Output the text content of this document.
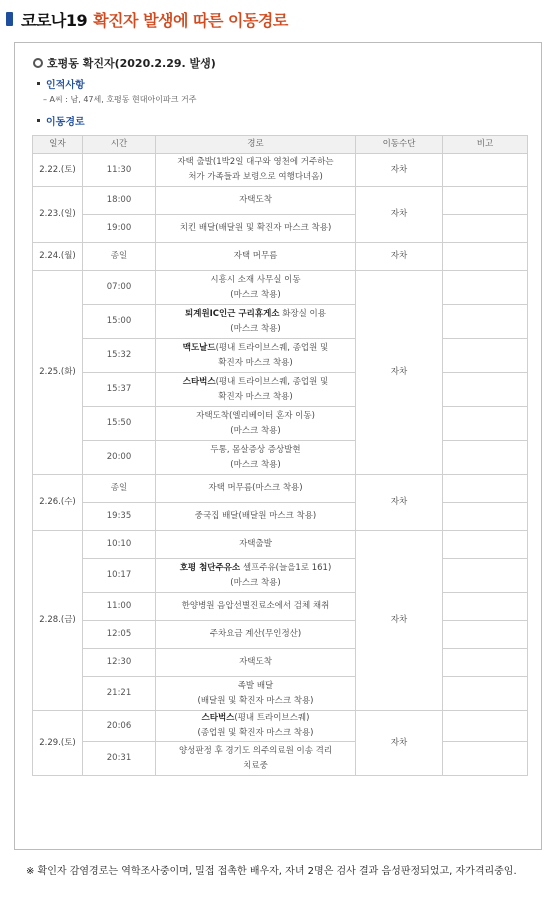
코로나19 확진자 발생에 따른 이동경로
호평동 확진자(2020.2.29. 발생)
인적사항
– A씨 : 남, 47세, 호평동 현대아이파크 거주
이동경로
일자	시간	경로	이동수단	비고
2.22.(토)	11:30	자택 출발(1박2일 대구와 영천에 거주하는
처가 가족들과 보령으로 여행다녀옴)	자차	
2.23.(일)	18:00	자택도착	자차	
	19:00	치킨 배달(배달원 및 확진자 마스크 착용)		

2.24.(월)	종일	자택 머무름	자차	
2.25.(화)	07:00	시흥시 소재 사무실 이동
(마스크 착용)	자차	
	15:00	퇴계원IC인근 구리휴게소 화장실 이용
(마스크 착용)		

	15:32	맥도날드(평내 트라이브스퀘, 종업원 및
확진자 마스크 착용)		

	15:37	스타벅스(평내 트라이브스퀘, 종업원 및
확진자 마스크 착용)		

	15:50	자택도착(엘리베이터 혼자 이동)
(마스크 착용)		

	20:00	두통, 몸살증상 증상발현
(마스크 착용)		

2.26.(수)	종일	자택 머무름(마스크 착용)	자차	
	19:35	중국집 배달(배달원 마스크 착용)		

2.28.(금)	10:10	자택출발	자차	
	10:17	호평 첨단주유소 셀프주유(늘을1로 161)
(마스크 착용)		

	11:00	한양병원 음압선별진료소에서 검체 채취		

	12:05	주차요금 계산(무인정산)		

	12:30	자택도착		

	21:21	족발 배달
(배달원 및 확진자 마스크 착용)		

2.29.(토)	20:06	스타벅스(평내 트라이브스퀘)
(종업원 및 확진자 마스크 착용)	자차	
	20:31	양성판정 후 경기도 의주의료원 이송 격리
치료중		

※ 확인자 감염경로는 역학조사중이며, 밀접 접촉한 배우자, 자녀 2명은 검사 결과 음성판정되었고, 자가격리중임.
